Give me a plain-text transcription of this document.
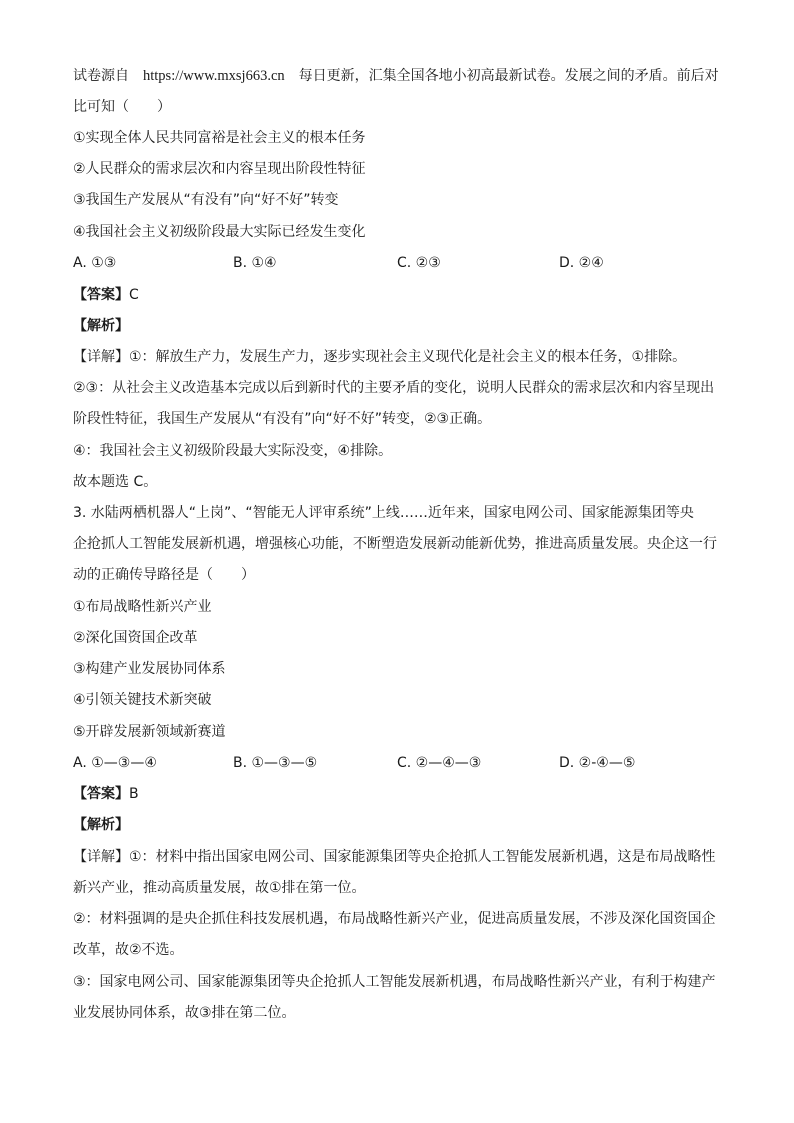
试卷源自 https://www.mxsj663.cn 每日更新，汇集全国各地小初高最新试卷。发展之间的矛盾。前后对
比可知（　　）
①实现全体人民共同富裕是社会主义的根本任务
②人民群众的需求层次和内容呈现出阶段性特征
③我国生产发展从“有没有”向“好不好”转变
④我国社会主义初级阶段最大实际已经发生变化
A. ①③	B. ①④	C. ②③	D. ②④
【答案】C
【解析】
【详解】①：解放生产力，发展生产力，逐步实现社会主义现代化是社会主义的根本任务，①排除。
②③：从社会主义改造基本完成以后到新时代的主要矛盾的变化，说明人民群众的需求层次和内容呈现出
阶段性特征，我国生产发展从“有没有”向“好不好”转变，②③正确。
④：我国社会主义初级阶段最大实际没变，④排除。
故本题选 C。
3. 水陆两栖机器人“上岗”、“智能无人评审系统”上线……近年来，国家电网公司、国家能源集团等央
企抢抓人工智能发展新机遇，增强核心功能，不断塑造发展新动能新优势，推进高质量发展。央企这一行
动的正确传导路径是（　　）
①布局战略性新兴产业
②深化国资国企改革
③构建产业发展协同体系
④引领关键技术新突破
⑤开辟发展新领域新赛道
A. ①—③—④	B. ①—③—⑤	C. ②—④—③	D. ②-④—⑤
【答案】B
【解析】
【详解】①：材料中指出国家电网公司、国家能源集团等央企抢抓人工智能发展新机遇，这是布局战略性
新兴产业，推动高质量发展，故①排在第一位。
②：材料强调的是央企抓住科技发展机遇，布局战略性新兴产业，促进高质量发展，不涉及深化国资国企
改革，故②不选。
③：国家电网公司、国家能源集团等央企抢抓人工智能发展新机遇，布局战略性新兴产业，有利于构建产
业发展协同体系，故③排在第二位。
